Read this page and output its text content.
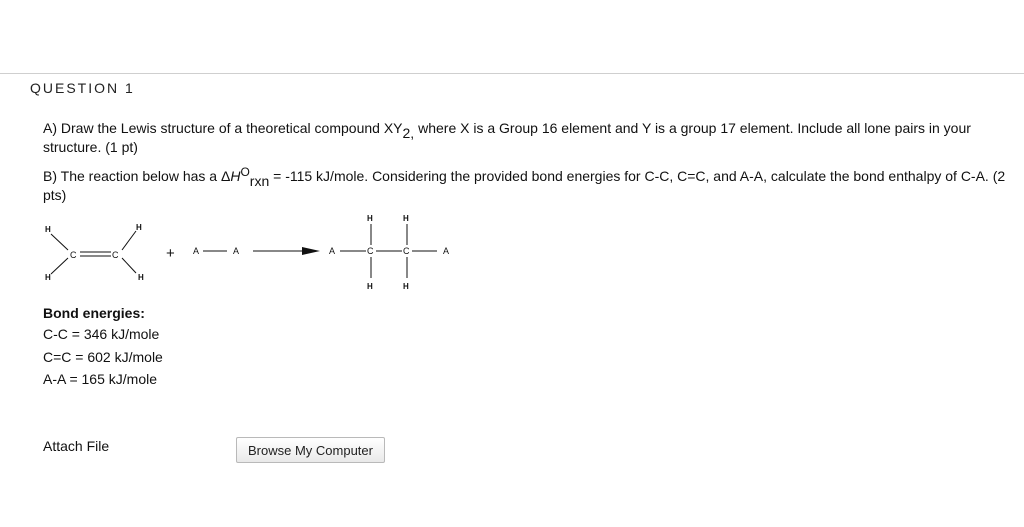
QUESTION 1
A) Draw the Lewis structure of a theoretical compound $XY_{2,}$ where X is a Group 16 element and Y is a group 17 element. Include all lone pairs in your structure. (1 pt)
B) The reaction below has a $\Delta H^O_{rxn} = -115$ kJ/mole. Considering the provided bond energies for C-C, C=C, and A-A, calculate the bond enthalpy of C-A. (2 pts)
H
H
C	C
H
H
+ A	A	A	C	C	A
H
H
H
H
Bond energies:
C-C = 346 kJ/mole
C=C = 602 kJ/mole
A-A = 165 kJ/mole
Attach File	Browse My Computer
